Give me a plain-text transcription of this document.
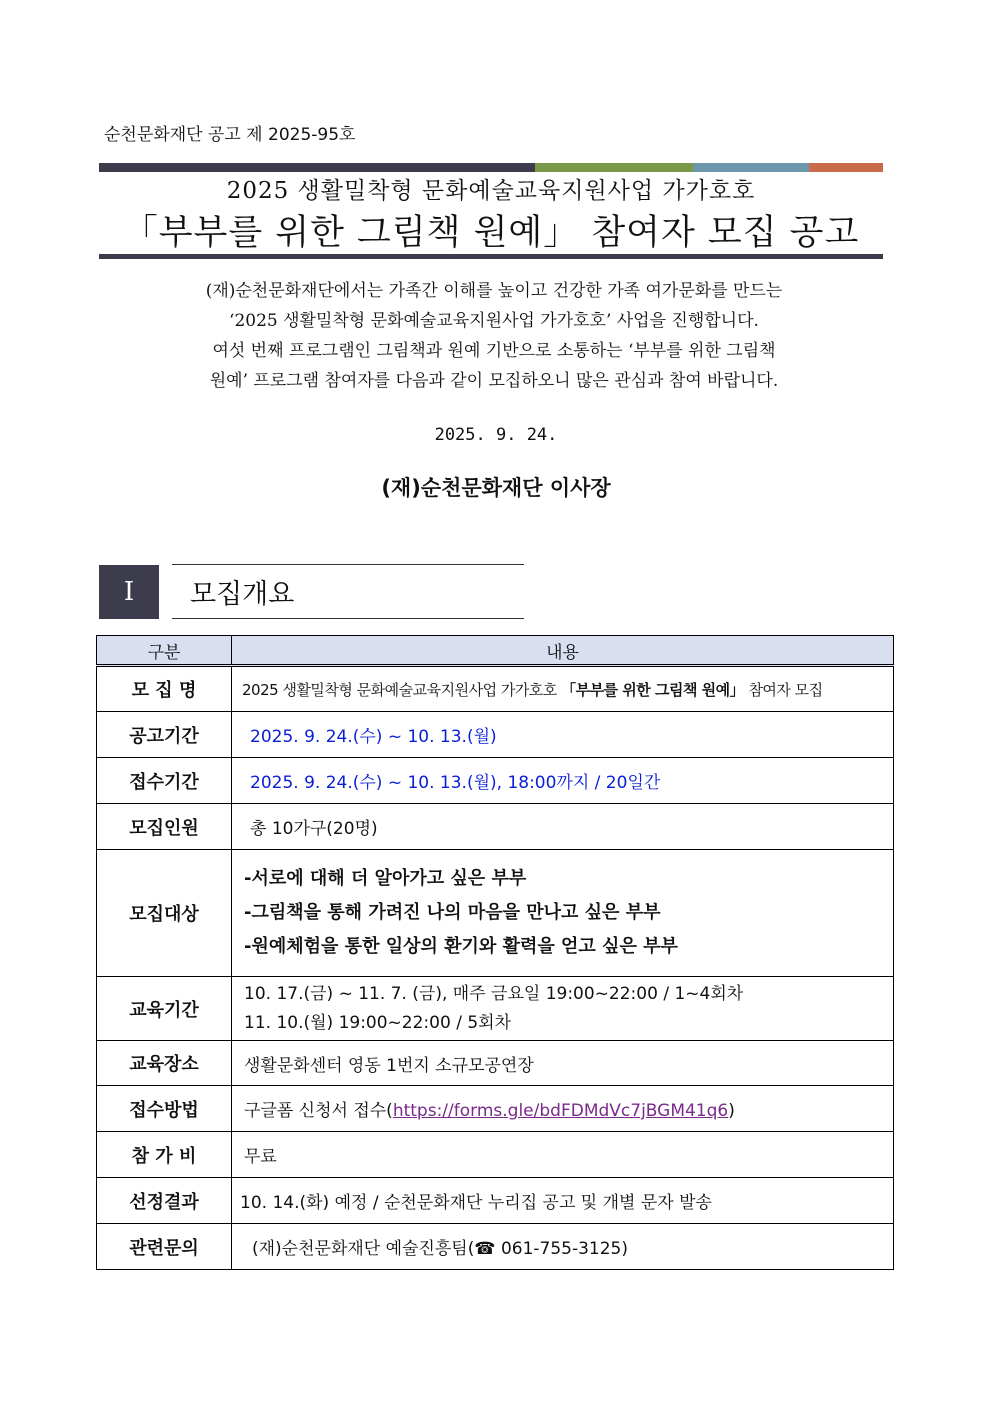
순천문화재단 공고 제 2025-95호
2025 생활밀착형 문화예술교육지원사업 가가호호
「부부를 위한 그림책 원예」 참여자 모집 공고
(재)순천문화재단에서는 가족간 이해를 높이고 건강한 가족 여가문화를 만드는
‘2025 생활밀착형 문화예술교육지원사업 가가호호’ 사업을 진행합니다.
여섯 번째 프로그램인 그림책과 원예 기반으로 소통하는 ‘부부를 위한 그림책
원예’ 프로그램 참여자를 다음과 같이 모집하오니 많은 관심과 참여 바랍니다.
2025. 9. 24.
(재)순천문화재단 이사장
Ⅰ	모집개요
구분	내용
모 집 명	2025 생활밀착형 문화예술교육지원사업 가가호호 「부부를 위한 그림책 원예」 참여자 모집
공고기간	2025. 9. 24.(수) ~ 10. 13.(월)
접수기간	2025. 9. 24.(수) ~ 10. 13.(월), 18:00까지 / 20일간
모집인원	총 10가구(20명)
모집대상	-서로에 대해 더 알아가고 싶은 부부
-그림책을 통해 가려진 나의 마음을 만나고 싶은 부부
-원예체험을 통한 일상의 환기와 활력을 얻고 싶은 부부

교육기간	10. 17.(금) ~ 11. 7. (금), 매주 금요일 19:00~22:00 / 1~4회차
11. 10.(월) 19:00~22:00 / 5회차

교육장소	생활문화센터 영동 1번지 소규모공연장
접수방법	구글폼 신청서 접수(https://forms.gle/bdFDMdVc7jBGM41q6)
참 가 비	무료
선정결과	10. 14.(화) 예정 / 순천문화재단 누리집 공고 및 개별 문자 발송
관련문의	(재)순천문화재단 예술진흥팀(☎ 061-755-3125)
